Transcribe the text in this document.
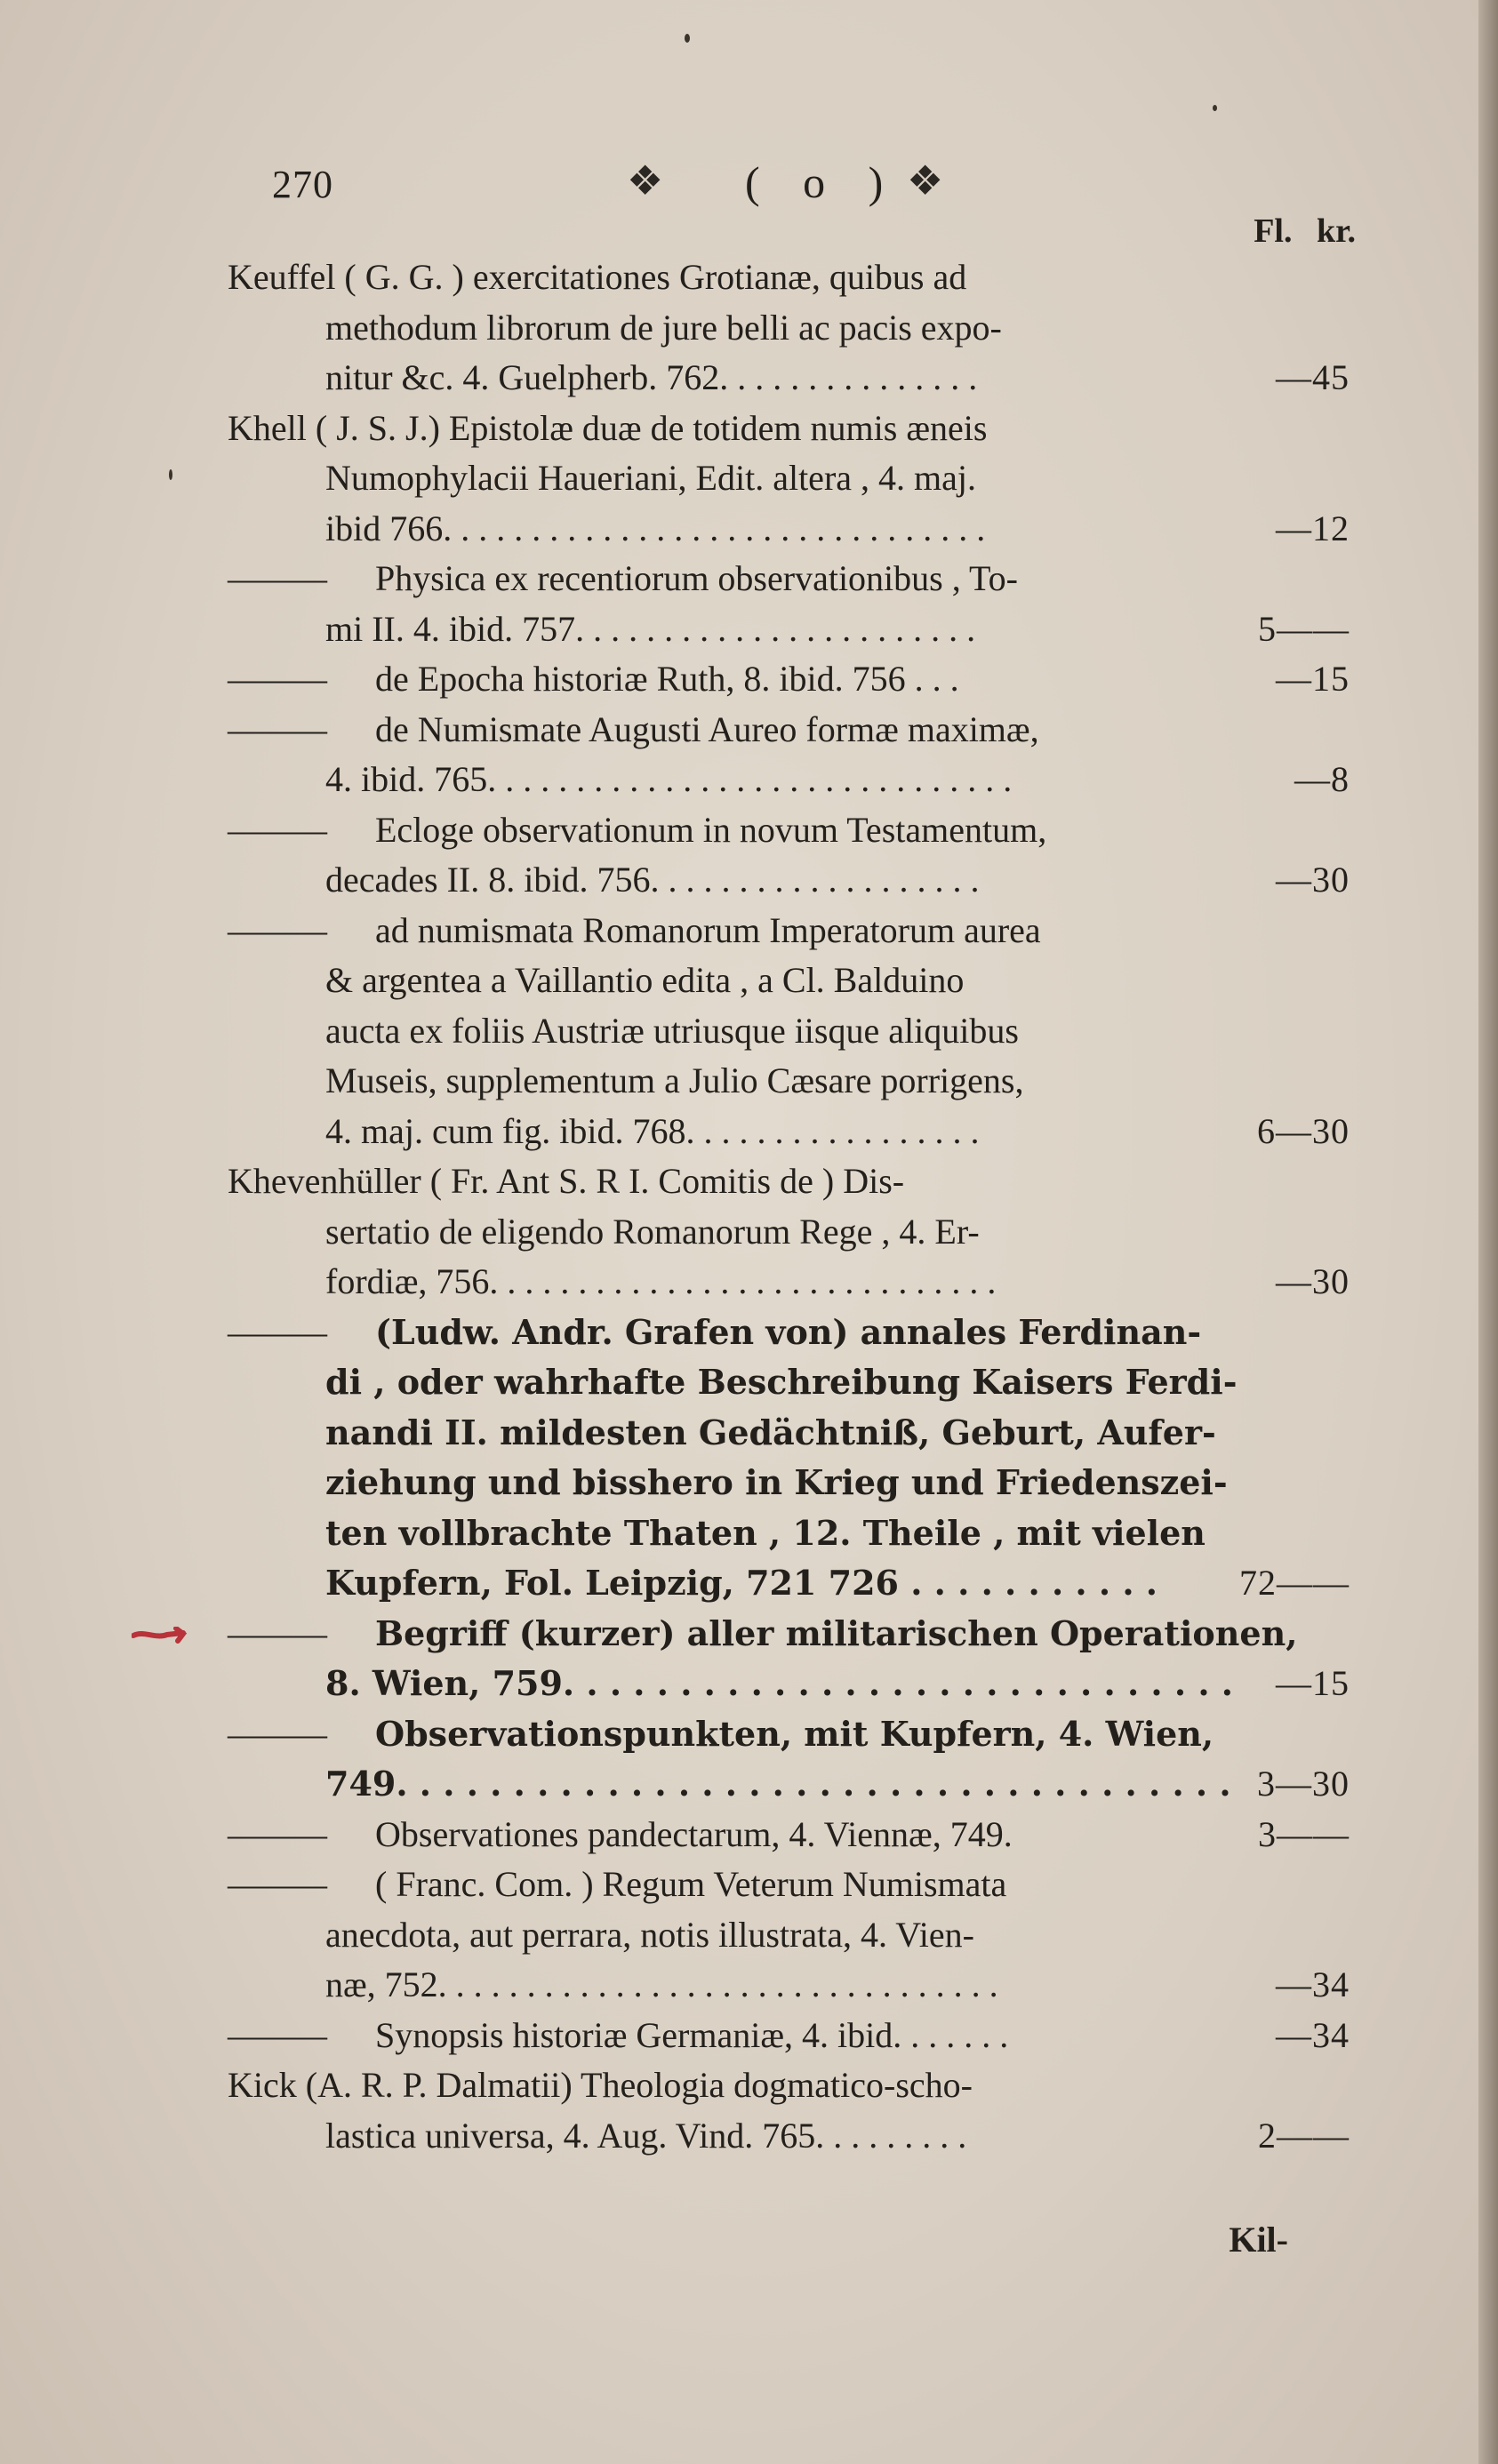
270	❖ ( o ) ❖
Fl. kr.
Keuffel ( G. G. ) exercitationes Grotianæ, quibus ad
methodum librorum de jure belli ac pacis expo-
nitur &c. 4. Guelpherb. 762. . . . . . . . . . . . . . .	—45
Khell ( J. S. J.) Epistolæ duæ de totidem numis æneis
Numophylacii Haueriani, Edit. altera , 4. maj.
ibid 766. . . . . . . . . . . . . . . . . . . . . . . . . . . . . . .	—12
——— Physica ex recentiorum observationibus , To-
mi II. 4. ibid. 757. . . . . . . . . . . . . . . . . . . . . . .	5——
——— de Epocha historiæ Ruth, 8. ibid. 756 . . .	—15
——— de Numismate Augusti Aureo formæ maximæ,
4. ibid. 765. . . . . . . . . . . . . . . . . . . . . . . . . . . . . .	—8
——— Ecloge observationum in novum Testamentum,
decades II. 8. ibid. 756. . . . . . . . . . . . . . . . . . .	—30
——— ad numismata Romanorum Imperatorum aurea
& argentea a Vaillantio edita , a Cl. Balduino
aucta ex foliis Austriæ utriusque iisque aliquibus
Museis, supplementum a Julio Cæsare porrigens,
4. maj. cum fig. ibid. 768. . . . . . . . . . . . . . . . .	6—30
Khevenhüller ( Fr. Ant S. R I. Comitis de ) Dis-
sertatio de eligendo Romanorum Rege , 4. Er-
fordiæ, 756. . . . . . . . . . . . . . . . . . . . . . . . . . . . .	—30
——— (Ludw. Andr. Grafen von) annales Ferdinan-
di , oder wahrhafte Beschreibung Kaisers Ferdi-
nandi II. mildesten Gedächtniß, Geburt, Aufer-
ziehung und bisshero in Krieg und Friedenszei-
ten vollbrachte Thaten , 12. Theile , mit vielen
Kupfern, Fol. Leipzig, 721 726 . . . . . . . . . . . 72——
——— Begriff (kurzer) aller militarischen Operationen,
8. Wien, 759. . . . . . . . . . . . . . . . . . . . . . . . . . . . . —15
——— Observationspunkten, mit Kupfern, 4. Wien,
749. . . . . . . . . . . . . . . . . . . . . . . . . . . . . . . . . . . . 3—30
——— Observationes pandectarum, 4. Viennæ, 749.	3——
——— ( Franc. Com. ) Regum Veterum Numismata
anecdota, aut perrara, notis illustrata, 4. Vien-
næ, 752. . . . . . . . . . . . . . . . . . . . . . . . . . . . . . . .	—34
——— Synopsis historiæ Germaniæ, 4. ibid. . . . . . .	—34
Kick (A. R. P. Dalmatii) Theologia dogmatico-scho-
lastica universa, 4. Aug. Vind. 765. . . . . . . . .	2——
Kil-
